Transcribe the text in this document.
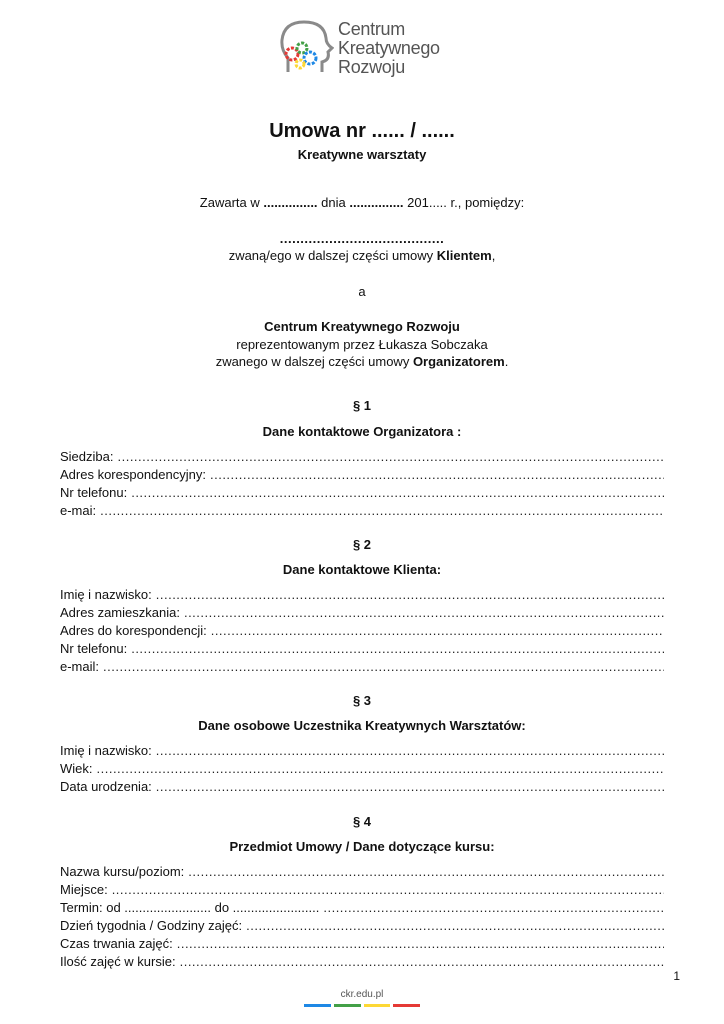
Centrum
Kreatywnego
Rozwoju
Umowa nr ...... / ......
Kreatywne warsztaty
Zawarta w ............... dnia ............... 201..... r., pomiędzy:
........................................
zwaną/ego w dalszej części umowy Klientem,
a
Centrum Kreatywnego Rozwoju
reprezentowanym przez Łukasza Sobczaka
zwanego w dalszej części umowy Organizatorem.
§ 1
Dane kontaktowe Organizatora :
Siedziba:
.....
Adres korespondencyjny:
.....
Nr telefonu:
.....
e-mai:
.....
§ 2
Dane kontaktowe Klienta:
Imię i nazwisko:
.....
Adres zamieszkania:
.....
Adres do korespondencji:
.....
Nr telefonu:
.....
e-mail:
.....
§ 3
Dane osobowe Uczestnika Kreatywnych Warsztatów:
Imię i nazwisko:
.....
Wiek:
.....
Data urodzenia:
.....
§ 4
Przedmiot Umowy / Dane dotyczące kursu:
Nazwa kursu/poziom:
.....
Miejsce:
.....
Termin: od ........................ do ........................
.....
Dzień tygodnia / Godziny zajęć:
.....
Czas trwania zajęć:
.....
Ilość zajęć w kursie:
.....
1
ckr.edu.pl
